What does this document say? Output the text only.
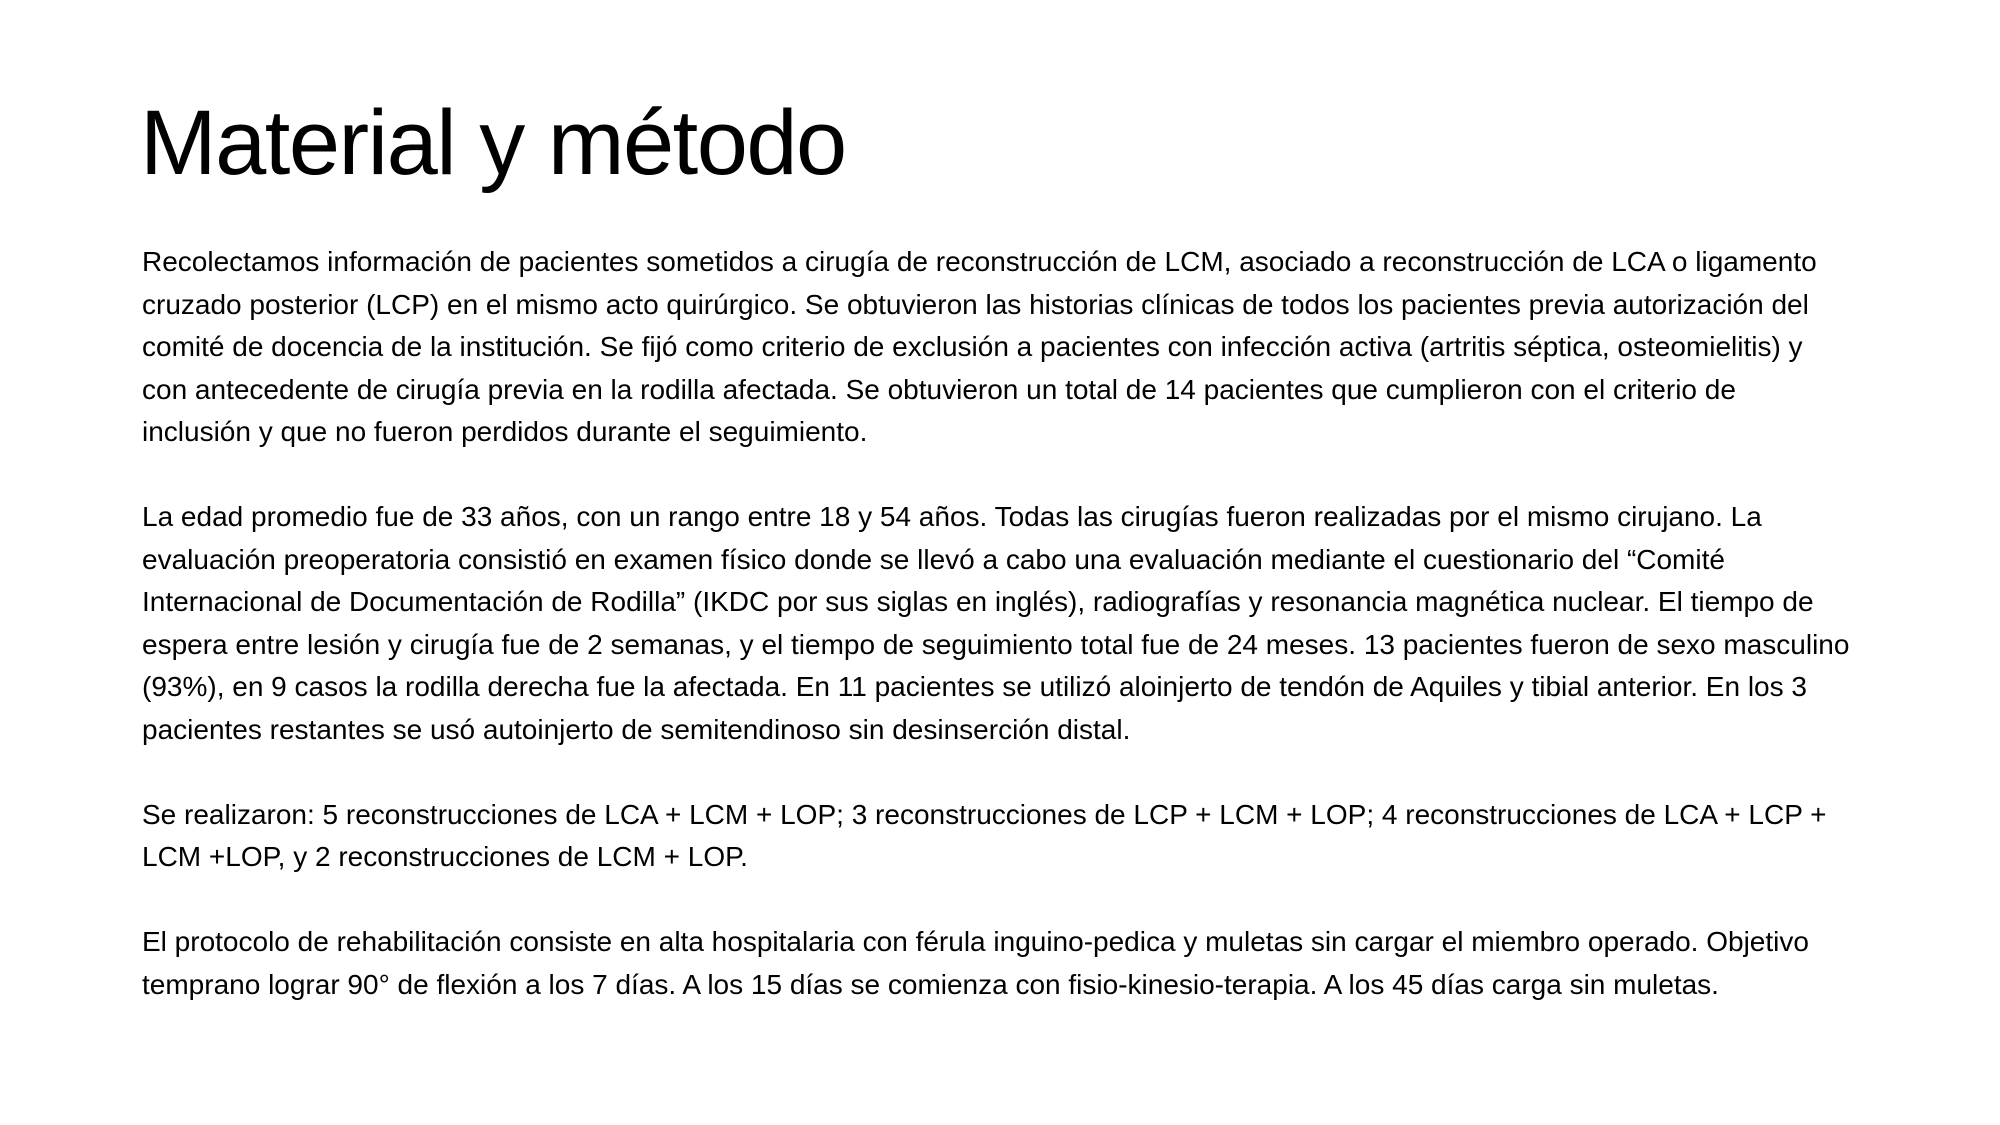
Material y método

Recolectamos información de pacientes sometidos a cirugía de reconstrucción de LCM, asociado a reconstrucción de LCA o ligamento cruzado posterior (LCP) en el mismo acto quirúrgico. Se obtuvieron las historias clínicas de todos los pacientes previa autorización del comité de docencia de la institución. Se fijó como criterio de exclusión a pacientes con infección activa (artritis séptica, osteomielitis) y con antecedente de cirugía previa en la rodilla afectada. Se obtuvieron un total de 14 pacientes que cumplieron con el criterio de inclusión y que no fueron perdidos durante el seguimiento.

La edad promedio fue de 33 años, con un rango entre 18 y 54 años. Todas las cirugías fueron realizadas por el mismo cirujano. La evaluación preoperatoria consistió en examen físico donde se llevó a cabo una evaluación mediante el cuestionario del “Comité Internacional de Documentación de Rodilla” (IKDC por sus siglas en inglés), radiografías y resonancia magnética nuclear. El tiempo de espera entre lesión y cirugía fue de 2 semanas, y el tiempo de seguimiento total fue de 24 meses. 13 pacientes fueron de sexo masculino (93%), en 9 casos la rodilla derecha fue la afectada. En 11 pacientes se utilizó aloinjerto de tendón de Aquiles y tibial anterior. En los 3 pacientes restantes se usó autoinjerto de semitendinoso sin desinserción distal.

Se realizaron: 5 reconstrucciones de LCA + LCM + LOP; 3 reconstrucciones de LCP + LCM + LOP; 4 reconstrucciones de LCA + LCP + LCM +LOP, y 2 reconstrucciones de LCM + LOP.

El protocolo de rehabilitación consiste en alta hospitalaria con férula inguino-pedica y muletas sin cargar el miembro operado. Objetivo temprano lograr 90° de flexión a los 7 días. A los 15 días se comienza con fisio-kinesio-terapia. A los 45 días carga sin muletas.
